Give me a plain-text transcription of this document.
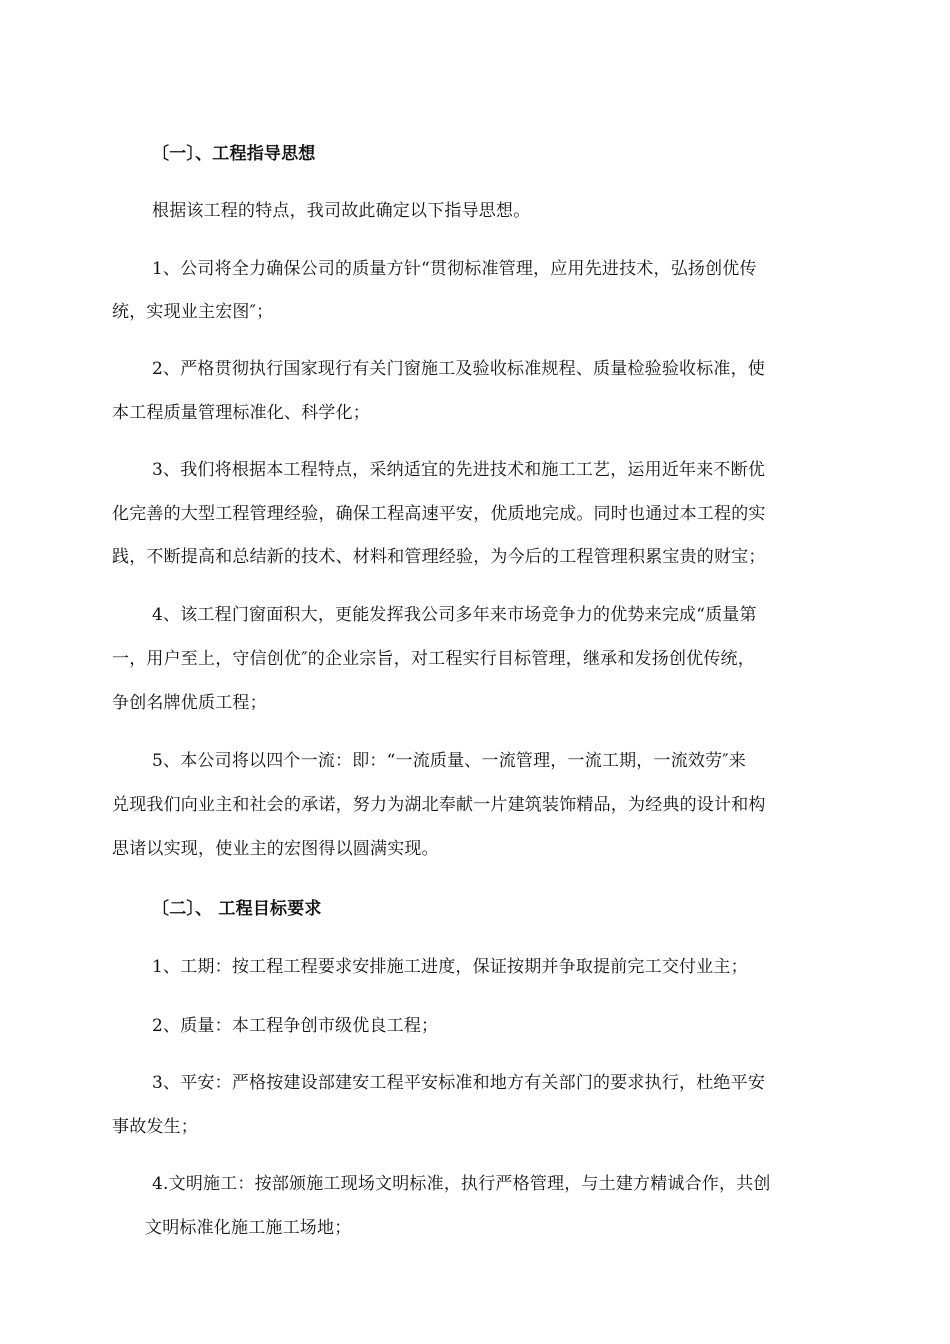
〔一〕、工程指导思想
根据该工程的特点，我司故此确定以下指导思想。
1、公司将全力确保公司的质量方针“贯彻标准管理，应用先进技术，弘扬创优传
统，实现业主宏图″；
2、严格贯彻执行国家现行有关门窗施工及验收标准规程、质量检验验收标准，使
本工程质量管理标准化、科学化；
3、我们将根据本工程特点，采纳适宜的先进技术和施工工艺，运用近年来不断优
化完善的大型工程管理经验，确保工程高速平安，优质地完成。同时也通过本工程的实
践，不断提高和总结新的技术、材料和管理经验，为今后的工程管理积累宝贵的财宝；
4、该工程门窗面积大，更能发挥我公司多年来市场竞争力的优势来完成“质量第
一，用户至上，守信创优″的企业宗旨，对工程实行目标管理，继承和发扬创优传统，
争创名牌优质工程；
5、本公司将以四个一流：即：“一流质量、一流管理，一流工期，一流效劳″来
兑现我们向业主和社会的承诺，努力为湖北奉献一片建筑装饰精品，为经典的设计和构
思诸以实现，使业主的宏图得以圆满实现。
〔二〕、 工程目标要求
1、工期：按工程工程要求安排施工进度，保证按期并争取提前完工交付业主；
2、质量：本工程争创市级优良工程；
3、平安：严格按建设部建安工程平安标准和地方有关部门的要求执行，杜绝平安
事故发生；
4.文明施工：按部颁施工现场文明标准，执行严格管理，与土建方精诚合作，共创
文明标准化施工施工场地；
